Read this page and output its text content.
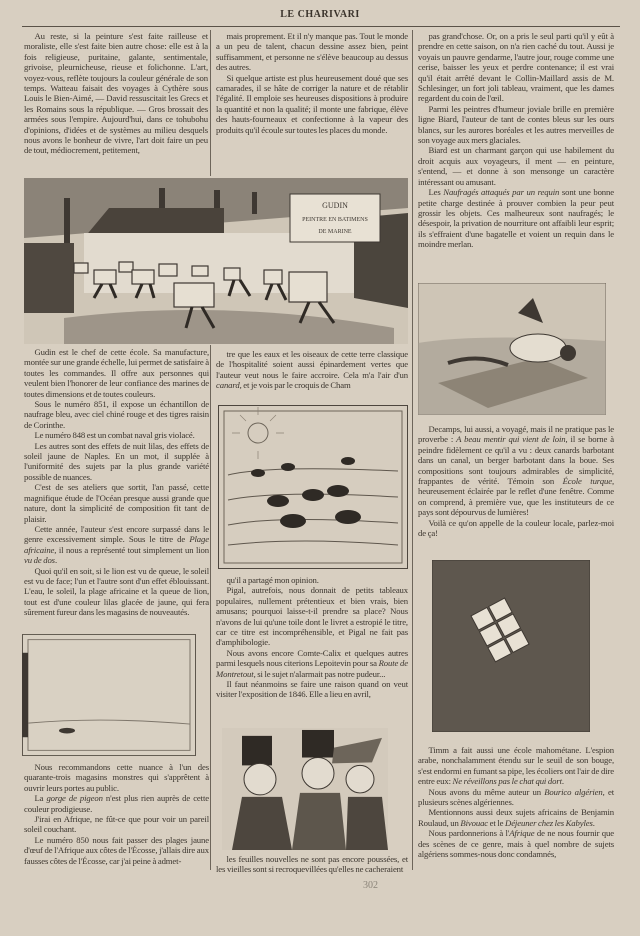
LE CHARIVARI

Au reste, si la peinture s'est faite railleuse et moraliste, elle s'est faite bien autre chose: elle est à la fois religieuse, puritaine, galante, sentimentale, grivoise, pleurnicheuse, rieuse et folichonne. L'art, voyez-vous, reflète toujours la couleur générale de son temps. Watteau faisait des voyages à Cythère sous Louis le Bien-Aimé, — David ressuscitait les Grecs et les Romains sous la république. — Gros brossait des armées sous l'empire. Aujourd'hui, dans ce tohubohu d'opinions, d'idées et de systèmes au milieu desquels nous avons le bonheur de vivre, l'art doit faire un peu de tout, médiocrement, petitement,

mais proprement. Et il n'y manque pas. Tout le monde a un peu de talent, chacun dessine assez bien, peint suffisamment, et personne ne s'élève beaucoup au dessus des autres.

Si quelque artiste est plus heureusement doué que ses camarades, il se hâte de corriger la nature et de rétablir l'égalité. Il emploie ses heureuses dispositions à produire la quantité et non la qualité; il monte une fabrique, élève des hauts-fourneaux et confectionne à la vapeur des produits qu'il écoule sur toutes les places du monde.

pas grand'chose. Or, on a pris le seul parti qu'il y eût à prendre en cette saison, on n'a rien caché du tout. Aussi je voyais un pauvre gendarme, l'autre jour, rouge comme une cerise, baisser les yeux et perdre contenance; il est vrai qu'il était arrêté devant le Collin-Maillard assis de M. Schlesinger, un fort joli tableau, vraiment, que les dames regardent du coin de l'œil.

Parmi les peintres d'humeur joviale brille en première ligne Biard, l'auteur de tant de contes bleus sur les ours blancs, sur les aurores boréales et les autres merveilles de son voyage aux mers glaciales.

Biard est un charmant garçon qui use habilement du droit acquis aux voyageurs, il ment — en peinture, s'entend, — et donne à son mensonge un caractère intéressant ou amusant.

Les Naufragés attaqués par un requin sont une bonne petite charge destinée à prouver combien la peur peut grossir les objets. Ces malheureux sont naufragés; le désespoir, la privation de nourriture ont affaibli leur esprit; ils s'effraient d'une bagatelle et voient un requin dans le moindre merlan.

GUDIN
PEINTRE EN BATIMENS
DE MARINE

Gudin est le chef de cette école. Sa manufacture, montée sur une grande échelle, lui permet de satisfaire à toutes les commandes. Il offre aux personnes qui veulent bien l'honorer de leur confiance des marines de toutes dimensions et de toutes couleurs.

Sous le numéro 851, il expose un échantillon de naufrage bleu, avec ciel chiné rouge et des tigres raisin de Corinthe.

Le numéro 848 est un combat naval gris violacé.

Les autres sont des effets de nuit lilas, des effets de soleil jaune de Naples. En un mot, il supplée à l'uniformité des sujets par la plus grande variété possible de nuances.

C'est de ses ateliers que sortit, l'an passé, cette magnifique étude de l'Océan presque aussi grande que nature, dont la simplicité de composition fit tant de plaisir.

Cette année, l'auteur s'est encore surpassé dans le genre excessivement simple. Sous le titre de Plage africaine, il nous a représenté tout simplement un lion vu de dos.

Quoi qu'il en soit, si le lion est vu de queue, le soleil est vu de face; l'un et l'autre sont d'un effet éblouissant. L'eau, le soleil, la plage africaine et la queue de lion, tout est d'une couleur lilas glacée de jaune, qui fera sûrement fureur dans les magasins de nouveautés.

tre que les eaux et les oiseaux de cette terre classique de l'hospitalité soient aussi épinardement vertes que l'auteur veut nous le faire accroire. Cela m'a l'air d'un canard, et je vois par le croquis de Cham

Decamps, lui aussi, a voyagé, mais il ne pratique pas le proverbe : A beau mentir qui vient de loin, il se borne à peindre fidèlement ce qu'il a vu : deux canards barbotant dans un canal, un berger barbotant dans la boue. Ses compositions sont toujours admirables de simplicité, frappantes de vérité. Témoin son École turque, heureusement éclairée par le reflet d'une fenêtre. Comme on comprend, à première vue, que les instituteurs de ce pays sont dépourvus de lumières!

Voilà ce qu'on appelle de la couleur locale, parlez-moi de ça!

qu'il a partagé mon opinion.

Pigal, autrefois, nous donnait de petits tableaux populaires, nullement prétentieux et bien vrais, bien amusans; pourquoi laisse-t-il prendre sa place? Nous n'avons de lui qu'une toile dont le livret a estropié le titre, car ce titre est incompréhensible, et Pigal ne fait pas d'amphibologie.

Nous avons encore Comte-Calix et quelques autres parmi lesquels nous citerions Lepoitevin pour sa Route de Montretout, si le sujet n'alarmait pas notre pudeur...

Il faut néanmoins se faire une raison quand on veut visiter l'exposition de 1846. Elle a lieu en avril,

Timm a fait aussi une école mahométane. L'espion arabe, nonchalamment étendu sur le seuil de son bouge, s'est endormi en fumant sa pipe, les écoliers ont l'air de dire entre eux: Ne réveillons pas le chat qui dort.

Nous avons du même auteur un Bourico algérien, et plusieurs scènes algériennes.

Mentionnons aussi deux sujets africains de Benjamin Roulaud, un Bivouac et le Déjeuner chez les Kabyles.

Nous pardonnerions à l'Afrique de ne nous fournir que des scènes de ce genre, mais à quel nombre de sujets algériens sommes-nous donc condamnés,

Nous recommandons cette nuance à l'un des quarante-trois magasins monstres qui s'apprêtent à ouvrir leurs portes au public.

La gorge de pigeon n'est plus rien auprès de cette couleur prodigieuse.

J'irai en Afrique, ne fût-ce que pour voir un pareil soleil couchant.

Le numéro 850 nous fait passer des plages jaune d'œuf de l'Afrique aux côtes de l'Écosse, j'allais dire aux fausses côtes de l'Écosse, car j'ai peine à admet-	les feuilles nouvelles ne sont pas encore poussées, et les vieilles sont si recroquevillées qu'elles ne cacheraient

302
